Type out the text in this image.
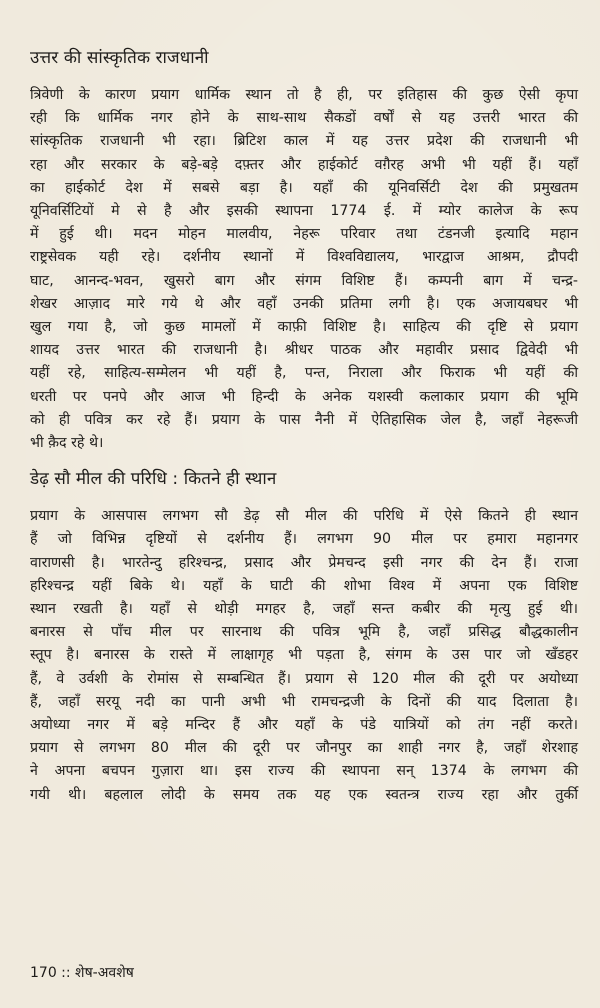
उत्तर की सांस्कृतिक राजधानी
त्रिवेणी के कारण प्रयाग धार्मिक स्थान तो है ही, पर इतिहास की कुछ ऐसी कृपा
रही कि धार्मिक नगर होने के साथ-साथ सैकडों वर्षों से यह उत्तरी भारत की
सांस्कृतिक राजधानी भी रहा। ब्रिटिश काल में यह उत्तर प्रदेश की राजधानी भी
रहा और सरकार के बड़े-बड़े दफ़्तर और हाईकोर्ट वग़ैरह अभी भी यहीं हैं। यहाँ
का हाईकोर्ट देश में सबसे बड़ा है। यहाँ की यूनिवर्सिटी देश की प्रमुखतम
यूनिवर्सिटियों मे से है और इसकी स्थापना 1774 ई. में म्योर कालेज के रूप
में हुई थी। मदन मोहन मालवीय, नेहरू परिवार तथा टंडनजी इत्यादि महान
राष्ट्रसेवक यही रहे। दर्शनीय स्थानों में विश्वविद्यालय, भारद्वाज आश्रम, द्रौपदी
घाट, आनन्द-भवन, खुसरो बाग और संगम विशिष्ट हैं। कम्पनी बाग में चन्द्र-
शेखर आज़ाद मारे गये थे और वहाँ उनकी प्रतिमा लगी है। एक अजायबघर भी
खुल गया है, जो कुछ मामलों में काफ़ी विशिष्ट है। साहित्य की दृष्टि से प्रयाग
शायद उत्तर भारत की राजधानी है। श्रीधर पाठक और महावीर प्रसाद द्विवेदी भी
यहीं रहे, साहित्य-सम्मेलन भी यहीं है, पन्त, निराला और फिराक भी यहीं की
धरती पर पनपे और आज भी हिन्दी के अनेक यशस्वी कलाकार प्रयाग की भूमि
को ही पवित्र कर रहे हैं। प्रयाग के पास नैनी में ऐतिहासिक जेल है, जहाँ नेहरूजी
भी क़ैद रहे थे।
डेढ़ सौ मील की परिधि : कितने ही स्थान
प्रयाग के आसपास लगभग सौ डेढ़ सौ मील की परिधि में ऐसे कितने ही स्थान
हैं जो विभिन्न दृष्टियों से दर्शनीय हैं। लगभग 90 मील पर हमारा महानगर
वाराणसी है। भारतेन्दु हरिश्चन्द्र, प्रसाद और प्रेमचन्द इसी नगर की देन हैं। राजा
हरिश्चन्द्र यहीं बिके थे। यहाँ के घाटी की शोभा विश्व में अपना एक विशिष्ट
स्थान रखती है। यहाँ से थोड़ी मगहर है, जहाँ सन्त कबीर की मृत्यु हुई थी।
बनारस से पाँच मील पर सारनाथ की पवित्र भूमि है, जहाँ प्रसिद्ध बौद्धकालीन
स्तूप है। बनारस के रास्ते में लाक्षागृह भी पड़ता है, संगम के उस पार जो खँडहर
हैं, वे उर्वशी के रोमांस से सम्बन्धित हैं। प्रयाग से 120 मील की दूरी पर अयोध्या
हैं, जहाँ सरयू नदी का पानी अभी भी रामचन्द्रजी के दिनों की याद दिलाता है।
अयोध्या नगर में बड़े मन्दिर हैं और यहाँ के पंडे यात्रियों को तंग नहीं करते।
प्रयाग से लगभग 80 मील की दूरी पर जौनपुर का शाही नगर है, जहाँ शेरशाह
ने अपना बचपन गुज़ारा था। इस राज्य की स्थापना सन् 1374 के लगभग की
गयी थी। बहलाल लोदी के समय तक यह एक स्वतन्त्र राज्य रहा और तुर्की
170 :: शेष-अवशेष
